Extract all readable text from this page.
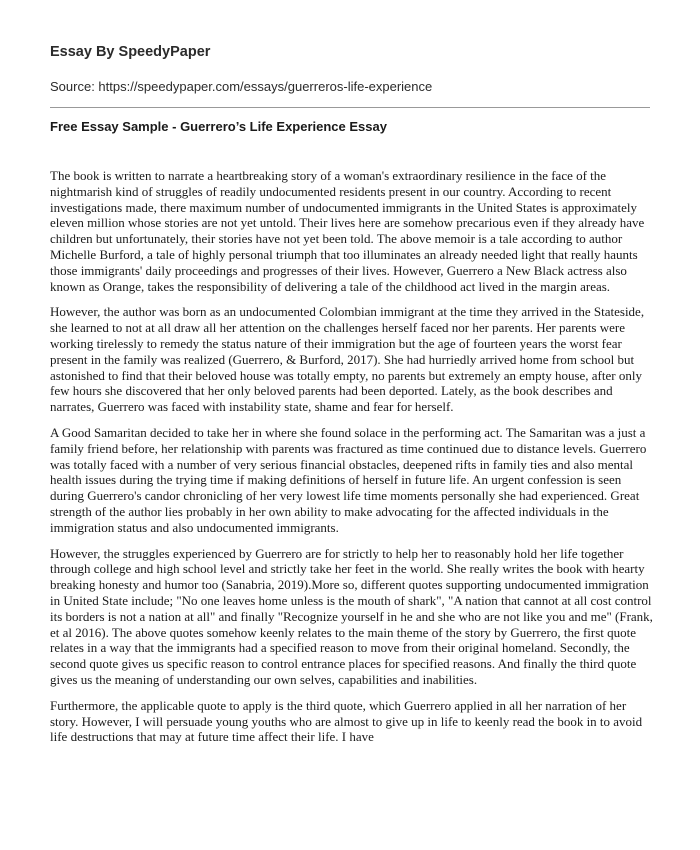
Essay By SpeedyPaper
Source: https://speedypaper.com/essays/guerreros-life-experience
Free Essay Sample - Guerrero’s Life Experience Essay

The book is written to narrate a heartbreaking story of a woman's extraordinary resilience in the face of the nightmarish kind of struggles of readily undocumented residents present in our country. According to recent investigations made, there maximum number of undocumented immigrants in the United States is approximately eleven million whose stories are not yet untold. Their lives here are somehow precarious even if they already have children but unfortunately, their stories have not yet been told. The above memoir is a tale according to author Michelle Burford, a tale of highly personal triumph that too illuminates an already needed light that really haunts those immigrants' daily proceedings and progresses of their lives. However, Guerrero a New Black actress also known as Orange, takes the responsibility of delivering a tale of the childhood act lived in the margin areas.

However, the author was born as an undocumented Colombian immigrant at the time they arrived in the Stateside, she learned to not at all draw all her attention on the challenges herself faced nor her parents. Her parents were working tirelessly to remedy the status nature of their immigration but the age of fourteen years the worst fear present in the family was realized (Guerrero, & Burford, 2017). She had hurriedly arrived home from school but astonished to find that their beloved house was totally empty, no parents but extremely an empty house, after only few hours she discovered that her only beloved parents had been deported. Lately, as the book describes and narrates, Guerrero was faced with instability state, shame and fear for herself.

A Good Samaritan decided to take her in where she found solace in the performing act. The Samaritan was a just a family friend before, her relationship with parents was fractured as time continued due to distance levels. Guerrero was totally faced with a number of very serious financial obstacles, deepened rifts in family ties and also mental health issues during the trying time if making definitions of herself in future life. An urgent confession is seen during Guerrero's candor chronicling of her very lowest life time moments personally she had experienced. Great strength of the author lies probably in her own ability to make advocating for the affected individuals in the immigration status and also undocumented immigrants.

However, the struggles experienced by Guerrero are for strictly to help her to reasonably hold her life together through college and high school level and strictly take her feet in the world. She really writes the book with hearty breaking honesty and humor too (Sanabria, 2019).More so, different quotes supporting undocumented immigration in United State include; "No one leaves home unless is the mouth of shark", "A nation that cannot at all cost control its borders is not a nation at all" and finally "Recognize yourself in he and she who are not like you and me" (Frank, et al 2016). The above quotes somehow keenly relates to the main theme of the story by Guerrero, the first quote relates in a way that the immigrants had a specified reason to move from their original homeland. Secondly, the second quote gives us specific reason to control entrance places for specified reasons. And finally the third quote gives us the meaning of understanding our own selves, capabilities and inabilities.

Furthermore, the applicable quote to apply is the third quote, which Guerrero applied in all her narration of her story. However, I will persuade young youths who are almost to give up in life to keenly read the book in to avoid life destructions that may at future time affect their life. I have
